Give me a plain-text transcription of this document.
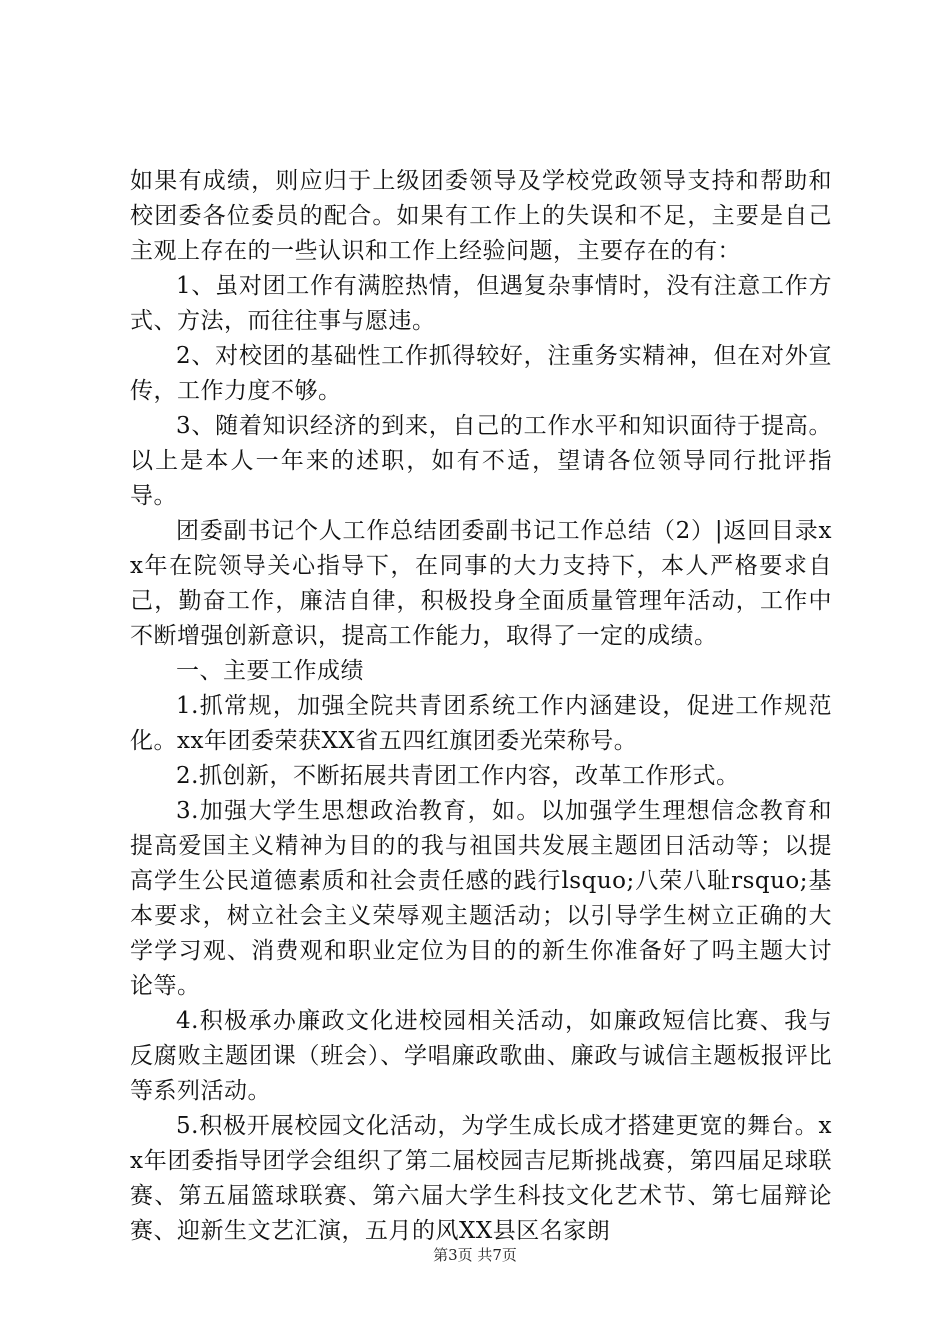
如果有成绩，则应归于上级团委领导及学校党政领导支持和帮助和校团委各位委员的配合。如果有工作上的失误和不足，主要是自己主观上存在的一些认识和工作上经验问题，主要存在的有：

1、虽对团工作有满腔热情，但遇复杂事情时，没有注意工作方式、方法，而往往事与愿违。

2、对校团的基础性工作抓得较好，注重务实精神，但在对外宣传，工作力度不够。

3、随着知识经济的到来，自己的工作水平和知识面待于提高。以上是本人一年来的述职，如有不适，望请各位领导同行批评指导。

团委副书记个人工作总结团委副书记工作总结（2）|返回目录xx年在院领导关心指导下，在同事的大力支持下，本人严格要求自己，勤奋工作，廉洁自律，积极投身全面质量管理年活动，工作中不断增强创新意识，提高工作能力，取得了一定的成绩。

一、主要工作成绩

1.抓常规，加强全院共青团系统工作内涵建设，促进工作规范化。xx年团委荣获XX省五四红旗团委光荣称号。

2.抓创新，不断拓展共青团工作内容，改革工作形式。

3.加强大学生思想政治教育，如。以加强学生理想信念教育和提高爱国主义精神为目的的我与祖国共发展主题团日活动等；以提高学生公民道德素质和社会责任感的践行lsquo;八荣八耻rsquo;基本要求，树立社会主义荣辱观主题活动；以引导学生树立正确的大学学习观、消费观和职业定位为目的的新生你准备好了吗主题大讨论等。

4.积极承办廉政文化进校园相关活动，如廉政短信比赛、我与反腐败主题团课（班会）、学唱廉政歌曲、廉政与诚信主题板报评比等系列活动。

5.积极开展校园文化活动，为学生成长成才搭建更宽的舞台。xx年团委指导团学会组织了第二届校园吉尼斯挑战赛，第四届足球联赛、第五届篮球联赛、第六届大学生科技文化艺术节、第七届辩论赛、迎新生文艺汇演，五月的风XX县区名家朗

第3页 共7页
